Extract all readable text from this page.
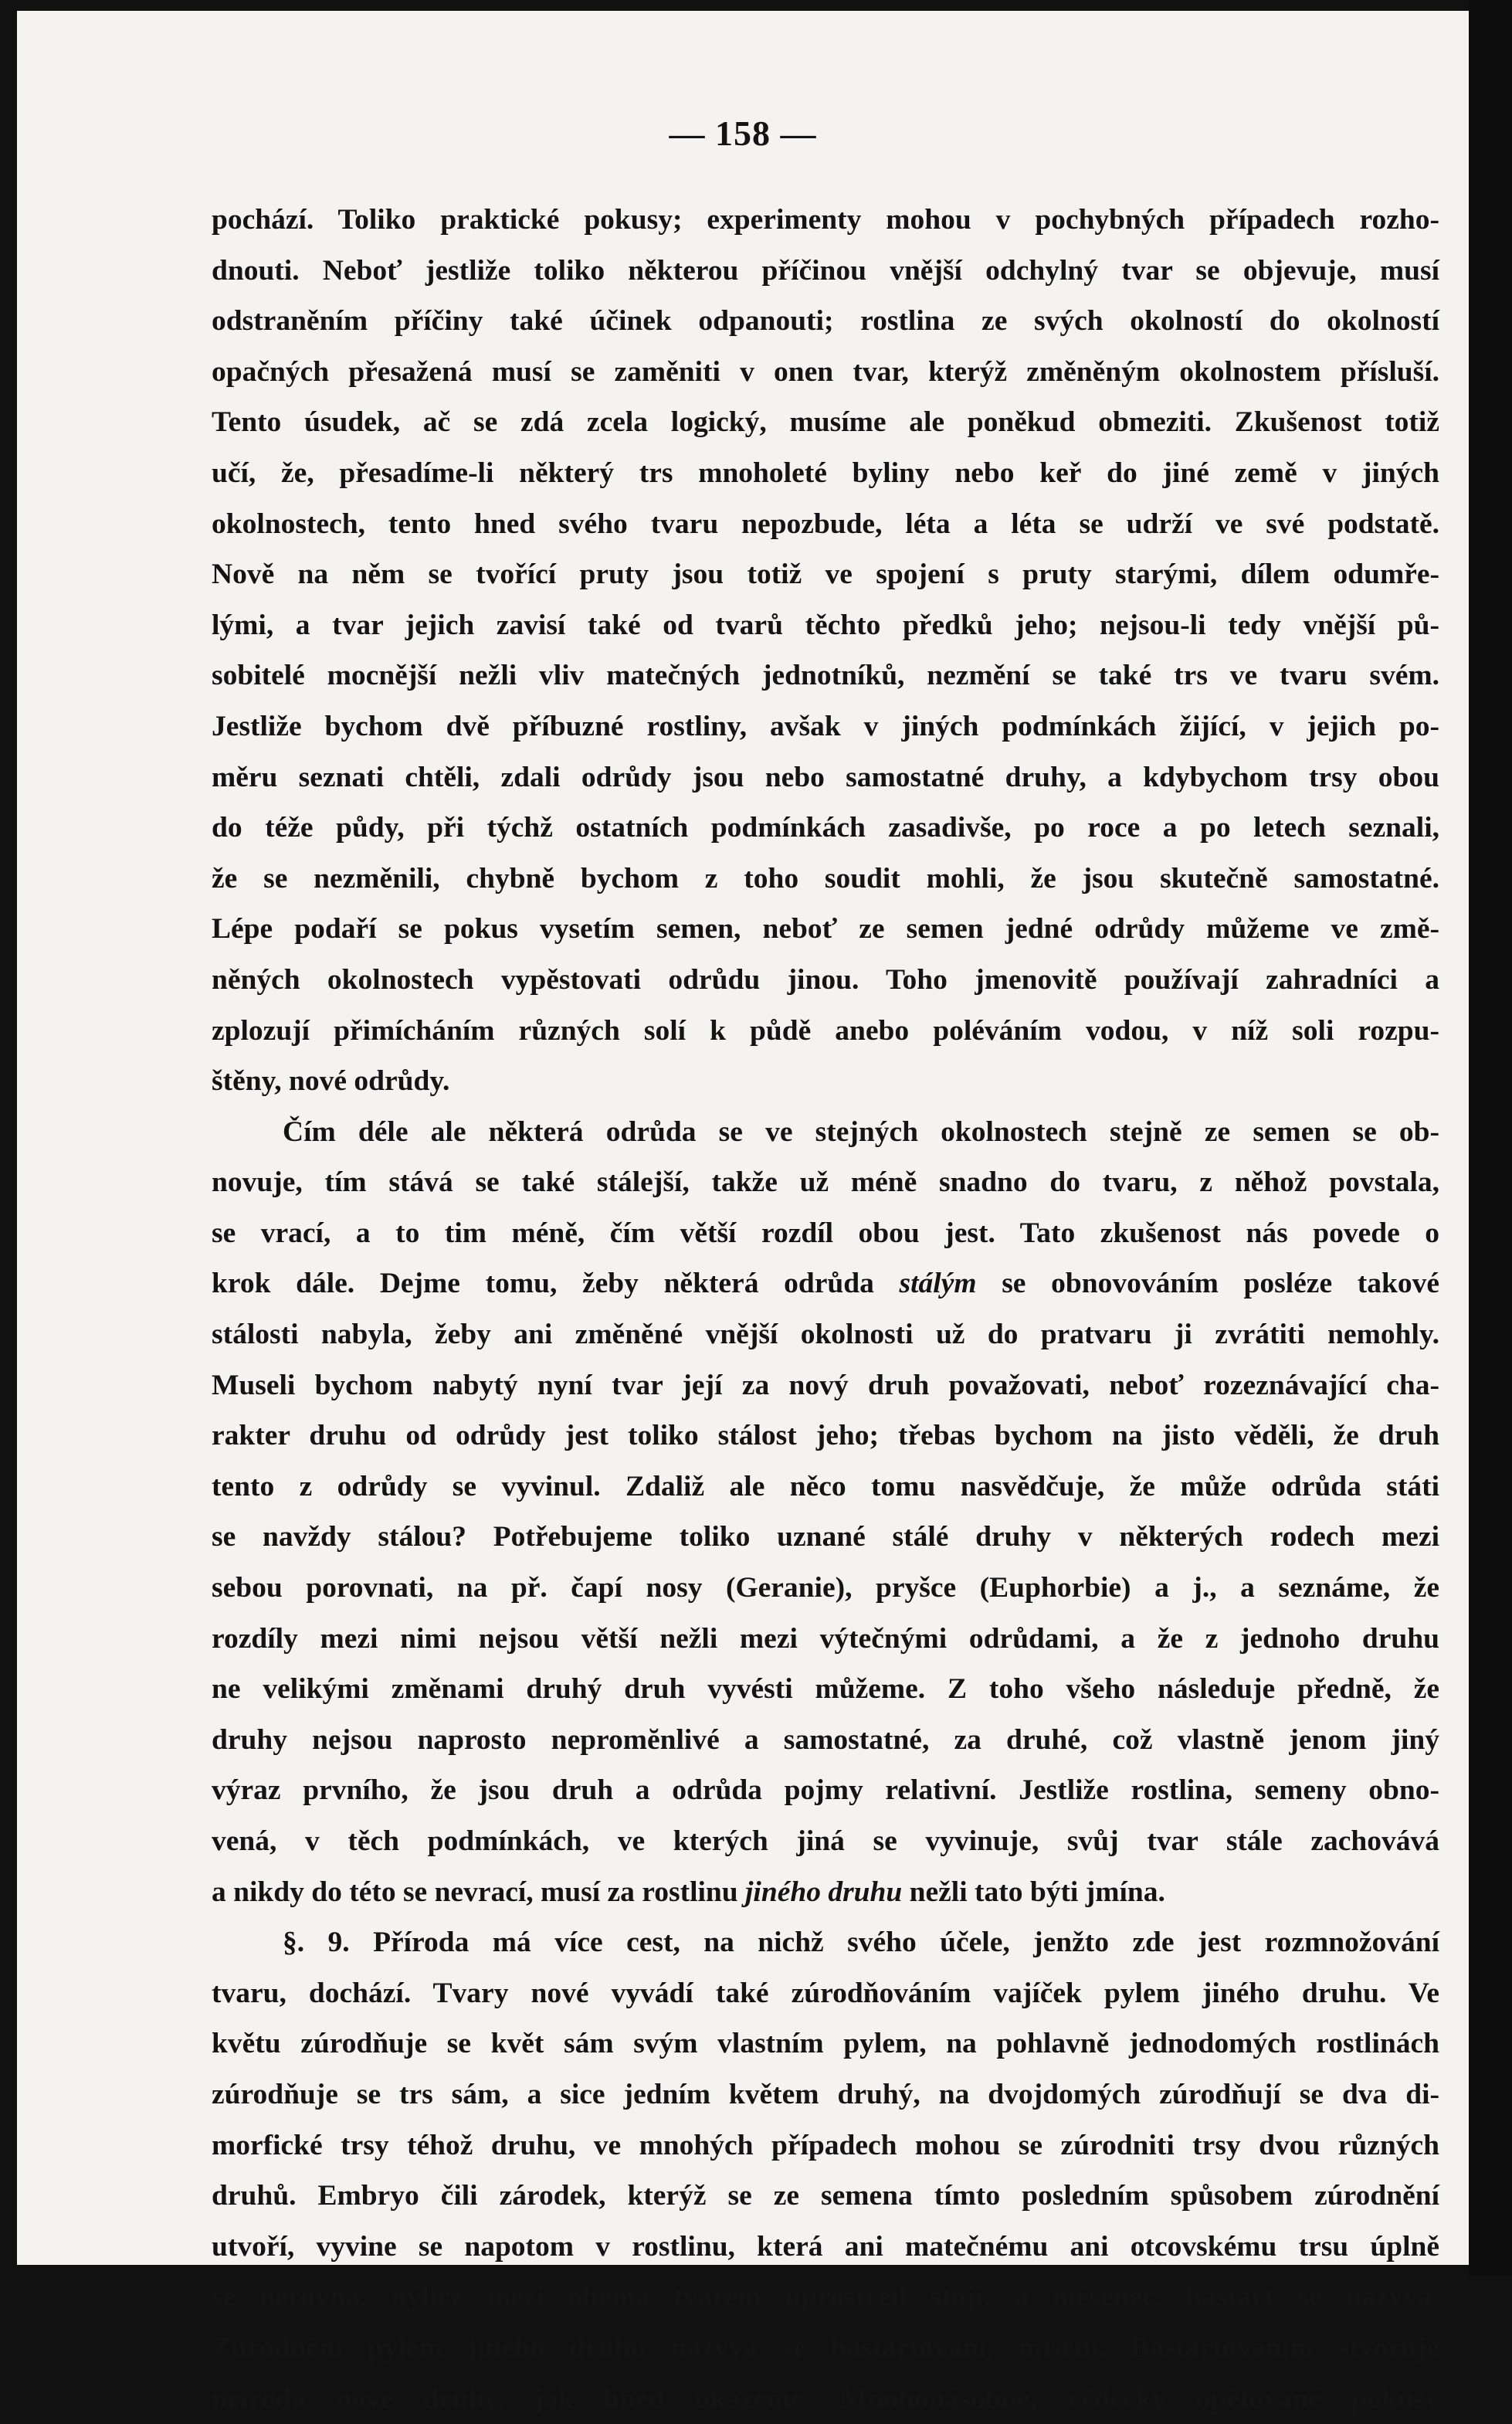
— 158 —
pochází. Toliko praktické pokusy; experimenty mohou v pochybných případech rozho-
dnouti. Neboť jestliže toliko některou příčinou vnější odchylný tvar se objevuje, musí
odstraněním příčiny také účinek odpanouti; rostlina ze svých okolností do okolností
opačných přesažená musí se zaměniti v onen tvar, kterýž změněným okolnostem přísluší.
Tento úsudek, ač se zdá zcela logický, musíme ale poněkud obmeziti. Zkušenost totiž
učí, že, přesadíme-li některý trs mnoholeté byliny nebo keř do jiné země v jiných
okolnostech, tento hned svého tvaru nepozbude, léta a léta se udrží ve své podstatě.
Nově na něm se tvořící pruty jsou totiž ve spojení s pruty starými, dílem odumře-
lými, a tvar jejich zavisí také od tvarů těchto předků jeho; nejsou-li tedy vnější pů-
sobitelé mocnější nežli vliv matečných jednotníků, nezmění se také trs ve tvaru svém.
Jestliže bychom dvě příbuzné rostliny, avšak v jiných podmínkách žijící, v jejich po-
měru seznati chtěli, zdali odrůdy jsou nebo samostatné druhy, a kdybychom trsy obou
do téže půdy, při týchž ostatních podmínkách zasadivše, po roce a po letech seznali,
že se nezměnili, chybně bychom z toho soudit mohli, že jsou skutečně samostatné.
Lépe podaří se pokus vysetím semen, neboť ze semen jedné odrůdy můžeme ve změ-
něných okolnostech vypěstovati odrůdu jinou. Toho jmenovitě používají zahradníci a
zplozují přimícháním různých solí k půdě anebo poléváním vodou, v níž soli rozpu-
štěny, nové odrůdy.
Čím déle ale některá odrůda se ve stejných okolnostech stejně ze semen se ob-
novuje, tím stává se také stálejší, takže už méně snadno do tvaru, z něhož povstala,
se vrací, a to tim méně, čím větší rozdíl obou jest. Tato zkušenost nás povede o
krok dále. Dejme tomu, žeby některá odrůda stálým se obnovováním posléze takové
stálosti nabyla, žeby ani změněné vnější okolnosti už do pratvaru ji zvrátiti nemohly.
Museli bychom nabytý nyní tvar její za nový druh považovati, neboť rozeznávající cha-
rakter druhu od odrůdy jest toliko stálost jeho; třebas bychom na jisto věděli, že druh
tento z odrůdy se vyvinul. Zdaliž ale něco tomu nasvědčuje, že může odrůda státi
se navždy stálou? Potřebujeme toliko uznané stálé druhy v některých rodech mezi
sebou porovnati, na př. čapí nosy (Geranie), pryšce (Euphorbie) a j., a seznáme, že
rozdíly mezi nimi nejsou větší nežli mezi výtečnými odrůdami, a že z jednoho druhu
ne velikými změnami druhý druh vyvésti můžeme. Z toho všeho následuje předně, že
druhy nejsou naprosto nepromĕnlivé a samostatné, za druhé, což vlastně jenom jiný
výraz prvního, že jsou druh a odrůda pojmy relativní. Jestliže rostlina, semeny obno-
vená, v těch podmínkách, ve kterých jiná se vyvinuje, svůj tvar stále zachovává
a nikdy do této se nevrací, musí za rostlinu jiného druhu nežli tato býti jmína.
§. 9. Příroda má více cest, na nichž svého účele, jenžto zde jest rozmnožování
tvaru, dochází. Tvary nové vyvádí také zúrodňováním vajíček pylem jiného druhu. Ve
květu zúrodňuje se květ sám svým vlastním pylem, na pohlavně jednodomých rostlinách
zúrodňuje se trs sám, a sice jedním květem druhý, na dvojdomých zúrodňují se dva di-
morfické trsy téhož druhu, ve mnohých případech mohou se zúrodniti trsy dvou různých
druhů. Embryo čili zárodek, kterýž se ze semena tímto posledním spůsobem zúrodnění
utvoří, vyvine se napotom v rostlinu, která ani matečnému ani otcovskému trsu úplně
se nerovná, nýbrž mezi oběma tvarem uprostřed stojí, a měšenec, bastart se nazývá.
Zúrodnění pylem jiného druhu nazývá se bastartování, míšení. Bastartováním stvořuje
příroda nové druhy, jak hned ukážeme. Mnohonásobné, vědecky opětované pokusy
